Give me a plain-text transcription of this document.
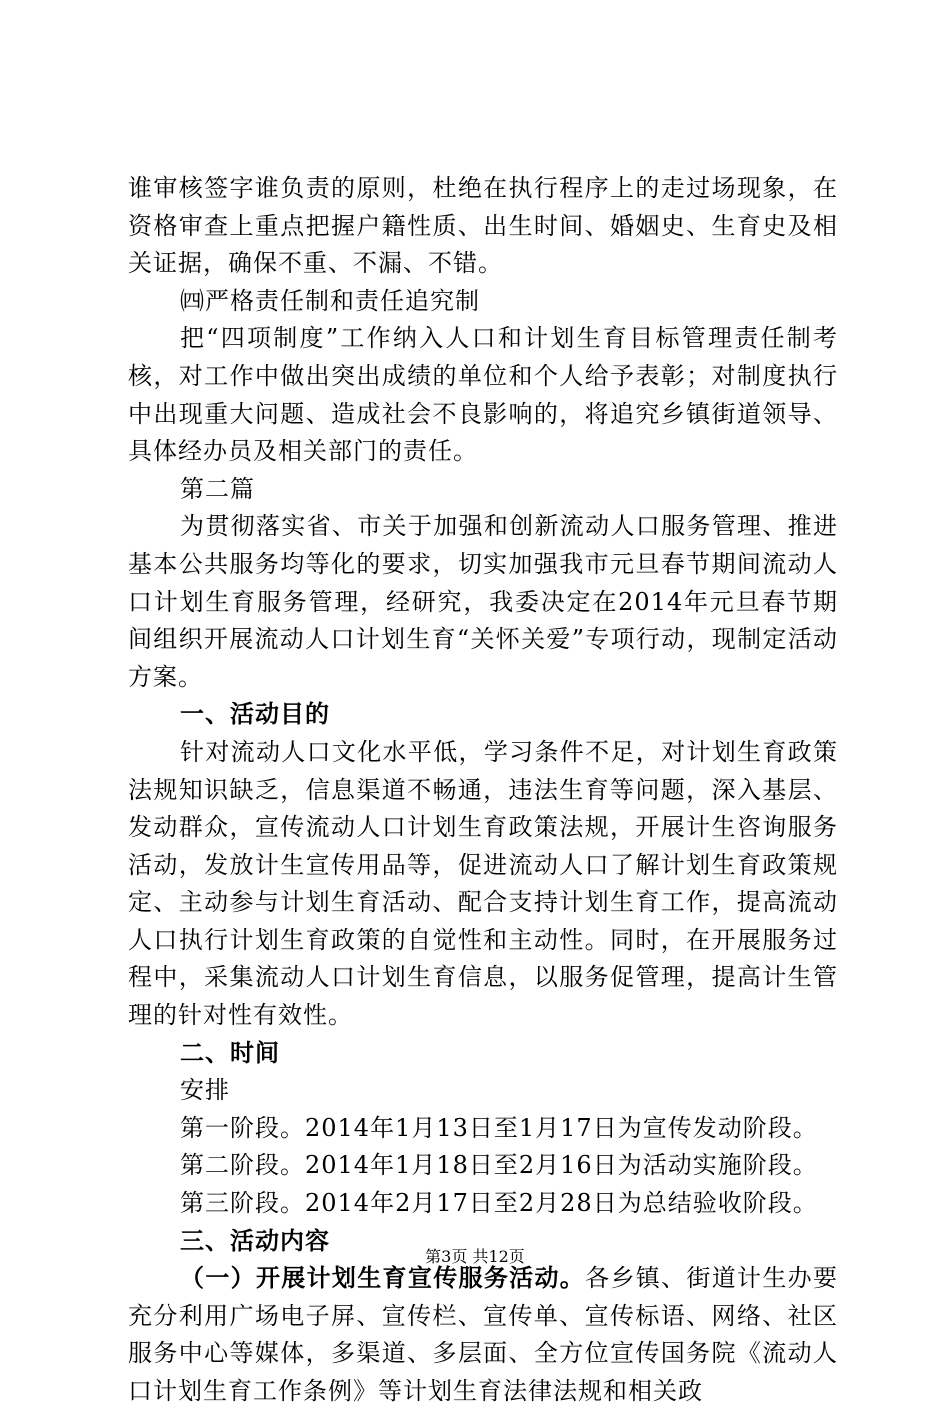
谁审核签字谁负责的原则，杜绝在执行程序上的走过场现象，在资格审查上重点把握户籍性质、出生时间、婚姻史、生育史及相关证据，确保不重、不漏、不错。

㈣严格责任制和责任追究制

把“四项制度”工作纳入人口和计划生育目标管理责任制考核，对工作中做出突出成绩的单位和个人给予表彰；对制度执行中出现重大问题、造成社会不良影响的，将追究乡镇街道领导、具体经办员及相关部门的责任。

第二篇

为贯彻落实省、市关于加强和创新流动人口服务管理、推进基本公共服务均等化的要求，切实加强我市元旦春节期间流动人口计划生育服务管理，经研究，我委决定在2014年元旦春节期间组织开展流动人口计划生育“关怀关爱”专项行动，现制定活动方案。

一、活动目的

针对流动人口文化水平低，学习条件不足，对计划生育政策法规知识缺乏，信息渠道不畅通，违法生育等问题，深入基层、发动群众，宣传流动人口计划生育政策法规，开展计生咨询服务活动，发放计生宣传用品等，促进流动人口了解计划生育政策规定、主动参与计划生育活动、配合支持计划生育工作，提高流动人口执行计划生育政策的自觉性和主动性。同时，在开展服务过程中，采集流动人口计划生育信息，以服务促管理，提高计生管理的针对性有效性。

二、时间

安排

第一阶段。2014年1月13日至1月17日为宣传发动阶段。

第二阶段。2014年1月18日至2月16日为活动实施阶段。

第三阶段。2014年2月17日至2月28日为总结验收阶段。

三、活动内容

（一）开展计划生育宣传服务活动。各乡镇、街道计生办要充分利用广场电子屏、宣传栏、宣传单、宣传标语、网络、社区服务中心等媒体，多渠道、多层面、全方位宣传国务院《流动人口计划生育工作条例》等计划生育法律法规和相关政

第3页 共12页
